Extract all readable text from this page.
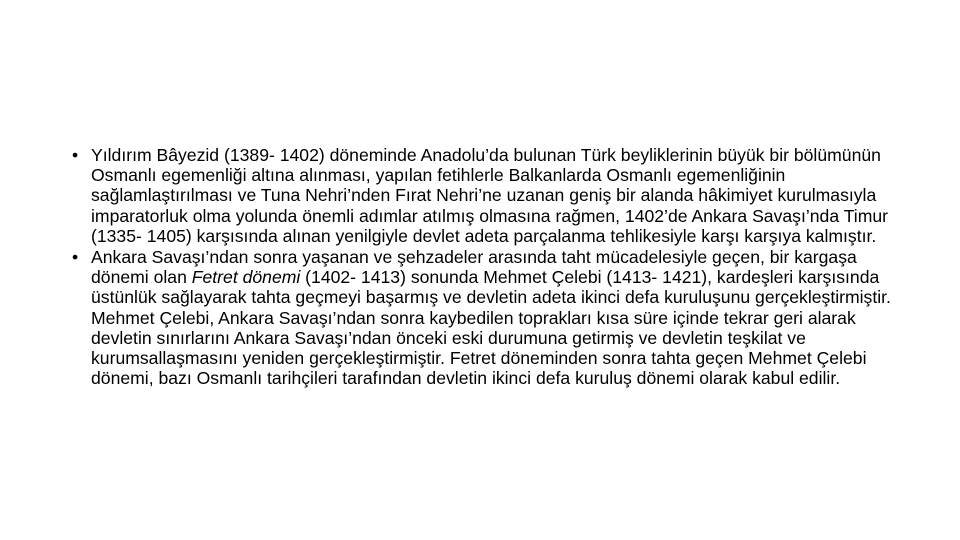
• Yıldırım Bâyezid (1389- 1402) döneminde Anadolu’da bulunan Türk beyliklerinin büyük bir bölümünün Osmanlı egemenliği altına alınması, yapılan fetihlerle Balkanlarda Osmanlı egemenliğinin sağlamlaştırılması ve Tuna Nehri’nden Fırat Nehri’ne uzanan geniş bir alanda hâkimiyet kurulmasıyla imparatorluk olma yolunda önemli adımlar atılmış olmasına rağmen, 1402’de Ankara Savaşı’nda Timur (1335- 1405) karşısında alınan yenilgiyle devlet adeta parçalanma tehlikesiyle karşı karşıya kalmıştır.
• Ankara Savaşı’ndan sonra yaşanan ve şehzadeler arasında taht mücadelesiyle geçen, bir kargaşa dönemi olan Fetret dönemi (1402- 1413) sonunda Mehmet Çelebi (1413- 1421), kardeşleri karşısında üstünlük sağlayarak tahta geçmeyi başarmış ve devletin adeta ikinci defa kuruluşunu gerçekleştirmiştir. Mehmet Çelebi, Ankara Savaşı’ndan sonra kaybedilen toprakları kısa süre içinde tekrar geri alarak devletin sınırlarını Ankara Savaşı’ndan önceki eski durumuna getirmiş ve devletin teşkilat ve kurumsallaşmasını yeniden gerçekleştirmiştir. Fetret döneminden sonra tahta geçen Mehmet Çelebi dönemi, bazı Osmanlı tarihçileri tarafından devletin ikinci defa kuruluş dönemi olarak kabul edilir.
